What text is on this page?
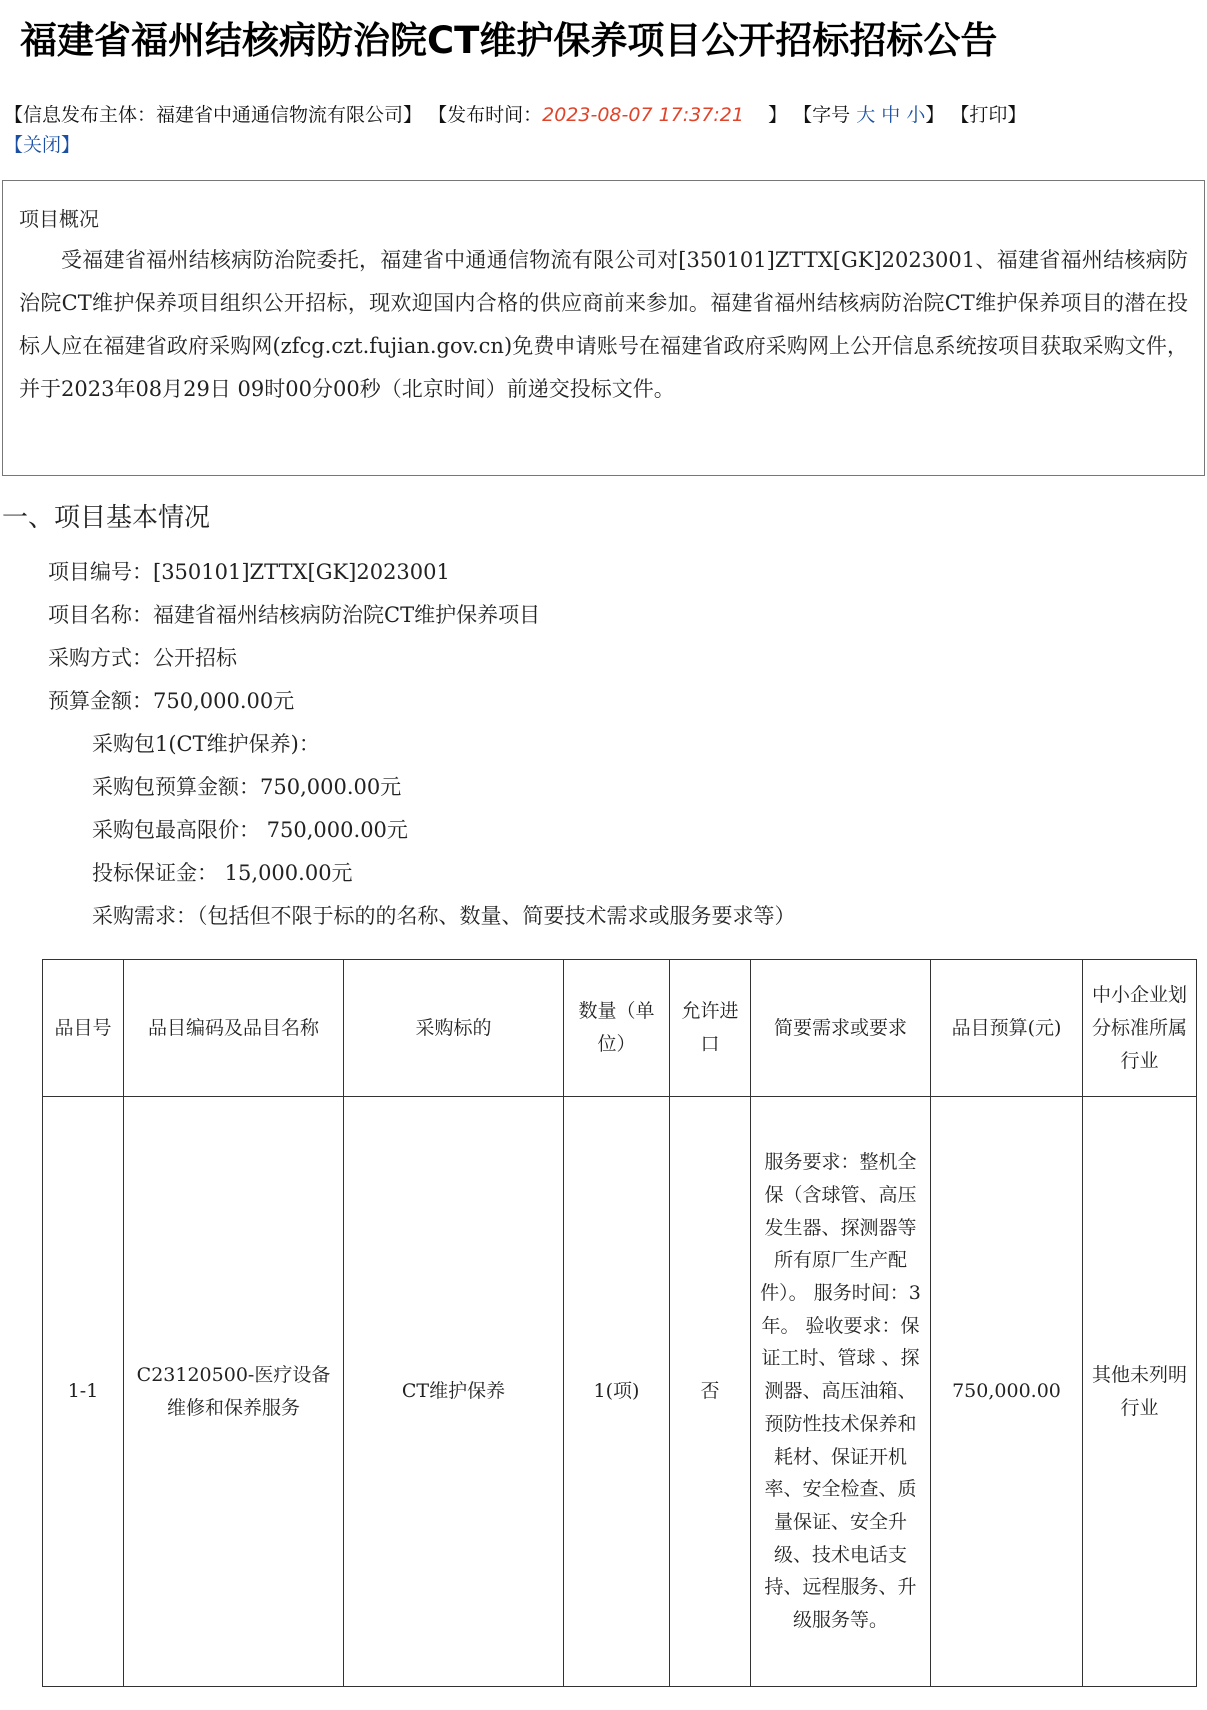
福建省福州结核病防治院CT维护保养项目公开招标招标公告
【信息发布主体：福建省中通通信物流有限公司】 【发布时间：2023-08-07 17:37:21 】 【字号 大 中 小】 【打印】
【关闭】
项目概况
受福建省福州结核病防治院委托，福建省中通通信物流有限公司对[350101]ZTTX[GK]2023001、福建省福州结核病防治院CT维护保养项目组织公开招标，现欢迎国内合格的供应商前来参加。福建省福州结核病防治院CT维护保养项目的潜在投标人应在福建省政府采购网(zfcg.czt.fujian.gov.cn)免费申请账号在福建省政府采购网上公开信息系统按项目获取采购文件，并于2023年08月29日 09时00分00秒（北京时间）前递交投标文件。
一、项目基本情况
项目编号：[350101]ZTTX[GK]2023001
项目名称：福建省福州结核病防治院CT维护保养项目
采购方式：公开招标
预算金额：750,000.00元
采购包1(CT维护保养)：
采购包预算金额：750,000.00元
采购包最高限价： 750,000.00元
投标保证金： 15,000.00元
采购需求：（包括但不限于标的的名称、数量、简要技术需求或服务要求等）
品目号	品目编码及品目名称	采购标的	数量（单位）	允许进口	简要需求或要求	品目预算(元)	中小企业划分标准所属行业
1-1	C23120500-医疗设备维修和保养服务	CT维护保养	1(项)	否	服务要求：整机全保（含球管、高压发生器、探测器等所有原厂生产配件）。 服务时间：3年。 验收要求：保证工时、管球 、探测器、高压油箱、预防性技术保养和耗材、保证开机率、安全检查、质量保证、安全升级、技术电话支持、远程服务、升级服务等。	750,000.00	其他未列明行业
